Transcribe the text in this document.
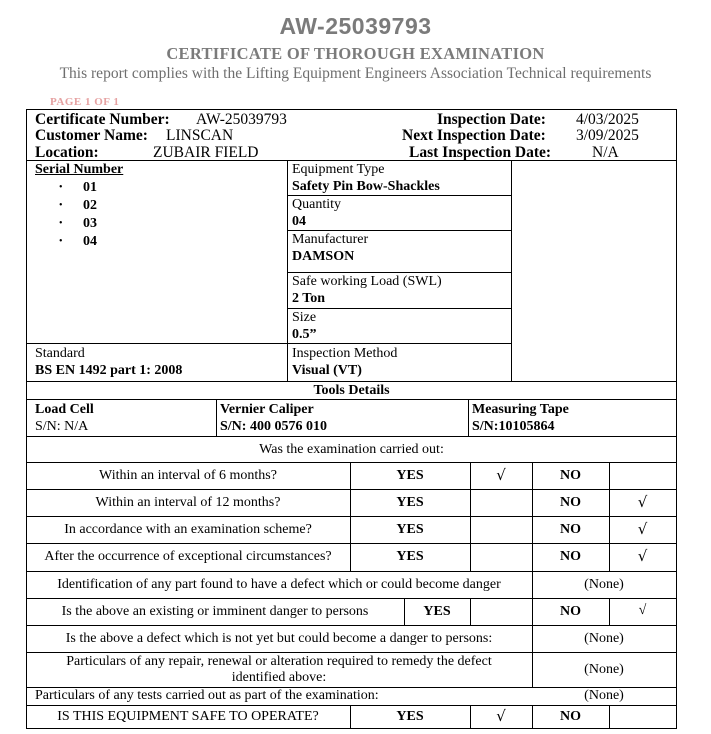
AW-25039793
CERTIFICATE OF THOROUGH EXAMINATION
This report complies with the Lifting Equipment Engineers Association Technical requirements
PAGE 1 OF 1
Certificate Number: AW-25039793
Customer Name: LINSCAN
Location:	ZUBAIR FIELD
Inspection Date: 4/03/2025
Next Inspection Date: 3/09/2025
Last Inspection Date:	N/A
Serial Number
• 01
• 02
• 03
• 04
Equipment Type
Safety Pin Bow-Shackles
Quantity
04
Manufacturer
DAMSON
Safe working Load (SWL)
2 Ton
Size
0.5”
Standard
BS EN 1492 part 1: 2008
Inspection Method
Visual (VT)
Tools Details
Load Cell
S/N: N/A
Vernier Caliper
S/N: 400 0576 010
Measuring Tape
S/N:10105864
Was the examination carried out:
Within an interval of 6 months?	YES	√	NO
Within an interval of 12 months?	YES	NO	√
In accordance with an examination scheme?	YES	NO	√
After the occurrence of exceptional circumstances?	YES	NO	√
Identification of any part found to have a defect which or could become danger	(None)
Is the above an existing or imminent danger to persons	YES	NO	√
Is the above a defect which is not yet but could become a danger to persons:	(None)
Particulars of any repair, renewal or alteration required to remedy the defect
identified above:
(None)
Particulars of any tests carried out as part of the examination:	(None)
IS THIS EQUIPMENT SAFE TO OPERATE?	YES	√	NO
